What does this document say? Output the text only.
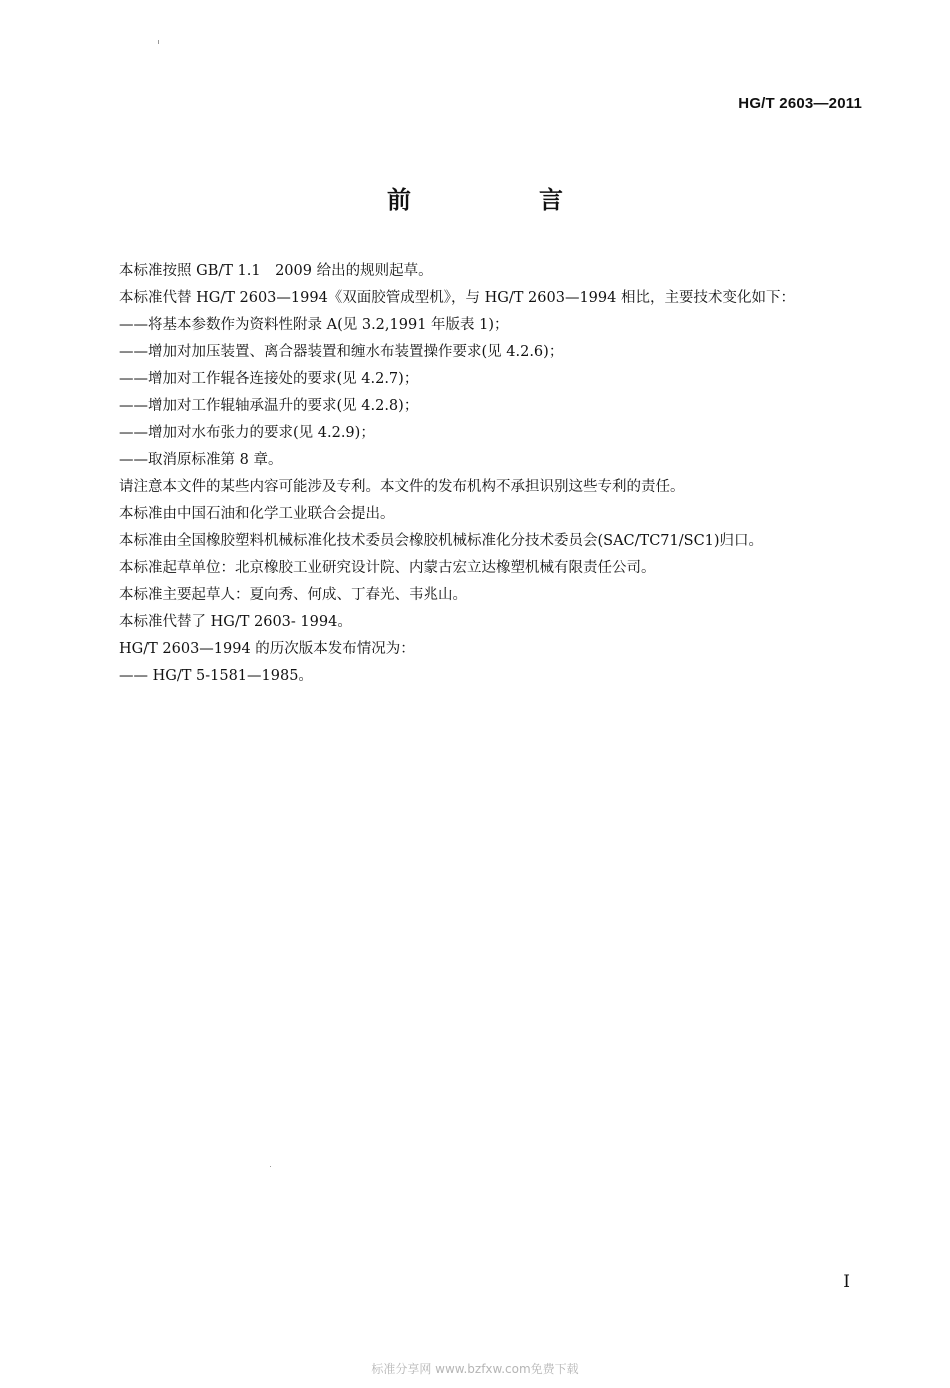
HG/T 2603—2011
前　言

本标准按照 GB/T 1.1　2009 给出的规则起草。

本标准代替 HG/T 2603—1994《双面胶管成型机》，与 HG/T 2603—1994 相比，主要技术变化如下：

——将基本参数作为资料性附录 A(见 3.2,1991 年版表 1)；

——增加对加压装置、离合器装置和缠水布装置操作要求(见 4.2.6)；

——增加对工作辊各连接处的要求(见 4.2.7)；

——增加对工作辊轴承温升的要求(见 4.2.8)；

——增加对水布张力的要求(见 4.2.9)；

——取消原标准第 8 章。

请注意本文件的某些内容可能涉及专利。本文件的发布机构不承担识别这些专利的责任。

本标准由中国石油和化学工业联合会提出。

本标准由全国橡胶塑料机械标准化技术委员会橡胶机械标准化分技术委员会(SAC/TC71/SC1)归口。

本标准起草单位：北京橡胶工业研究设计院、内蒙古宏立达橡塑机械有限责任公司。

本标准主要起草人：夏向秀、何成、丁春光、韦兆山。

本标准代替了 HG/T 2603- 1994。

HG/T 2603—1994 的历次版本发布情况为：

—— HG/T 5-1581—1985。

I
标准分享网 www.bzfxw.com免费下载
